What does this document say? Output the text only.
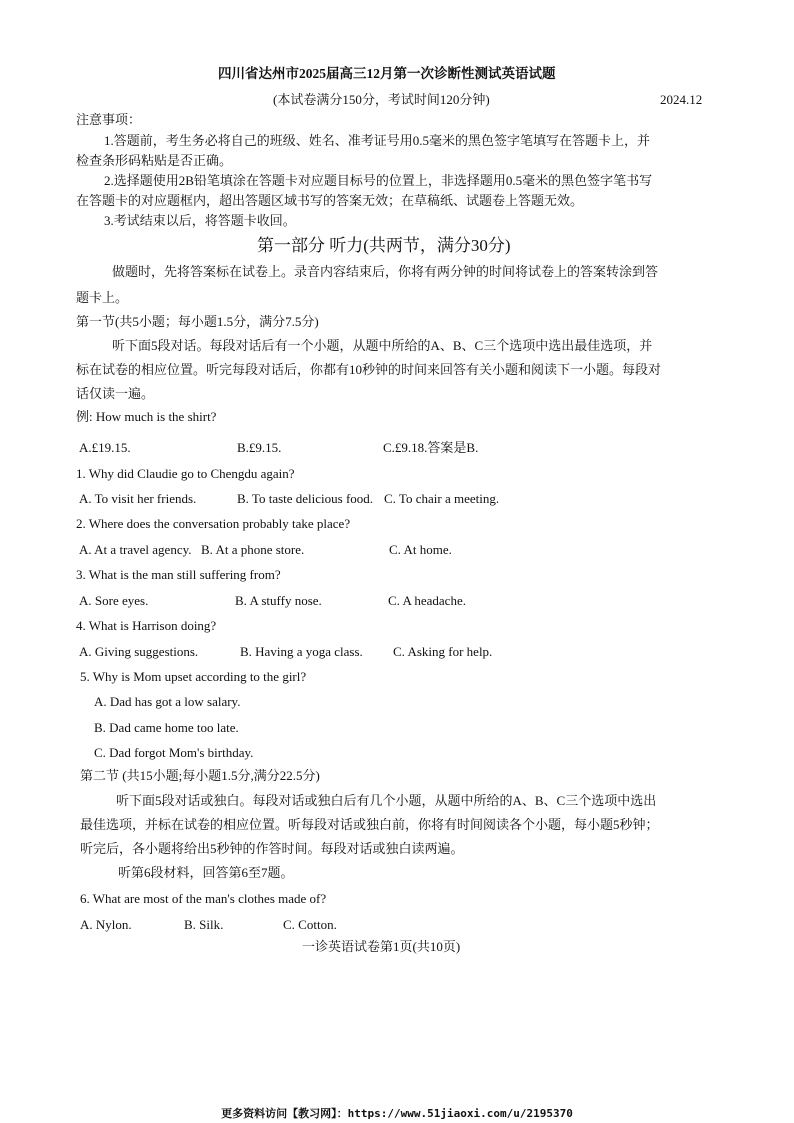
四川省达州市2025届高三12月第一次诊断性测试英语试题
(本试卷满分150分，考试时间120分钟)	2024.12
注意事项：
1.答题前，考生务必将自己的班级、姓名、准考证号用0.5毫米的黑色签字笔填写在答题卡上，并
检查条形码粘贴是否正确。
2.选择题使用2B铅笔填涂在答题卡对应题目标号的位置上，非选择题用0.5毫米的黑色签字笔书写
在答题卡的对应题框内，超出答题区域书写的答案无效；在草稿纸、试题卷上答题无效。
3.考试结束以后，将答题卡收回。
第一部分 听力(共两节，满分30分)
做题时，先将答案标在试卷上。录音内容结束后，你将有两分钟的时间将试卷上的答案转涂到答
题卡上。
第一节(共5小题；每小题1.5分，满分7.5分)
听下面5段对话。每段对话后有一个小题，从题中所给的A、B、C三个选项中选出最佳选项，并
标在试卷的相应位置。听完每段对话后，你都有10秒钟的时间来回答有关小题和阅读下一小题。每段对
话仅读一遍。
例: How much is the shirt?
A.£19.15.	B.£9.15.	C.£9.18.答案是B.
1. Why did Claudie go to Chengdu again?
A. To visit her friends.	B. To taste delicious food. C. To chair a meeting.
2. Where does the conversation probably take place?
A. At a travel agency. B. At a phone store.	C. At home.
3. What is the man still suffering from?
A. Sore eyes.	B. A stuffy nose.	C. A headache.
4. What is Harrison doing?
A. Giving suggestions.	B. Having a yoga class. C. Asking for help.
5. Why is Mom upset according to the girl?
A. Dad has got a low salary.
B. Dad came home too late.
C. Dad forgot Mom's birthday.
第二节 (共15小题;每小题1.5分,满分22.5分)
听下面5段对话或独白。每段对话或独白后有几个小题，从题中所给的A、B、C三个选项中选出
最佳选项，并标在试卷的相应位置。听每段对话或独白前，你将有时间阅读各个小题，每小题5秒钟；
听完后，各小题将给出5秒钟的作答时间。每段对话或独白读两遍。
听第6段材料，回答第6至7题。
6. What are most of the man's clothes made of?
A. Nylon.	B. Silk.	C. Cotton.
一诊英语试卷第1页(共10页)
更多资料访问【教习网】：https://www.51jiaoxi.com/u/2195370
